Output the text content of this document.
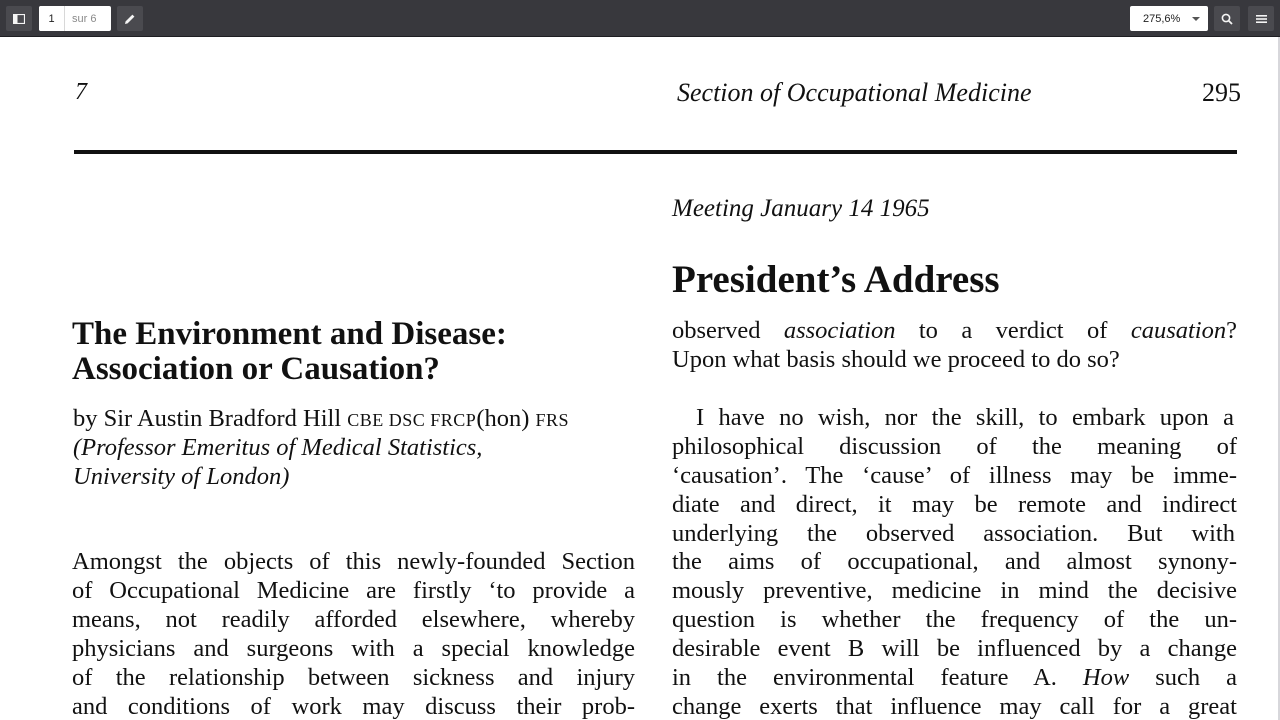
1
sur 6	275,6%
7	Section of Occupational Medicine	295
Meeting January 14 1965
President’s Address
The Environment and Disease:
Association or Causation?
by Sir Austin Bradford Hill CBE DSC FRCP(hon) FRS
(Professor Emeritus of Medical Statistics,
University of London)
Amongst the objects of this newly-founded Section
of Occupational Medicine are firstly ‘to provide a
means, not readily afforded elsewhere, whereby
physicians and surgeons with a special knowledge
of the relationship between sickness and injury
and conditions of work may discuss their prob-
observed association to a verdict of causation?
Upon what basis should we proceed to do so?
I have no wish, nor the skill, to embark upon a
philosophical discussion of the meaning of
‘causation’. The ‘cause’ of illness may be imme-
diate and direct, it may be remote and indirect
underlying the observed association. But with
the aims of occupational, and almost synony-
mously preventive, medicine in mind the decisive
question is whether the frequency of the un-
desirable event B will be influenced by a change
in the environmental feature A. How such a
change exerts that influence may call for a great
